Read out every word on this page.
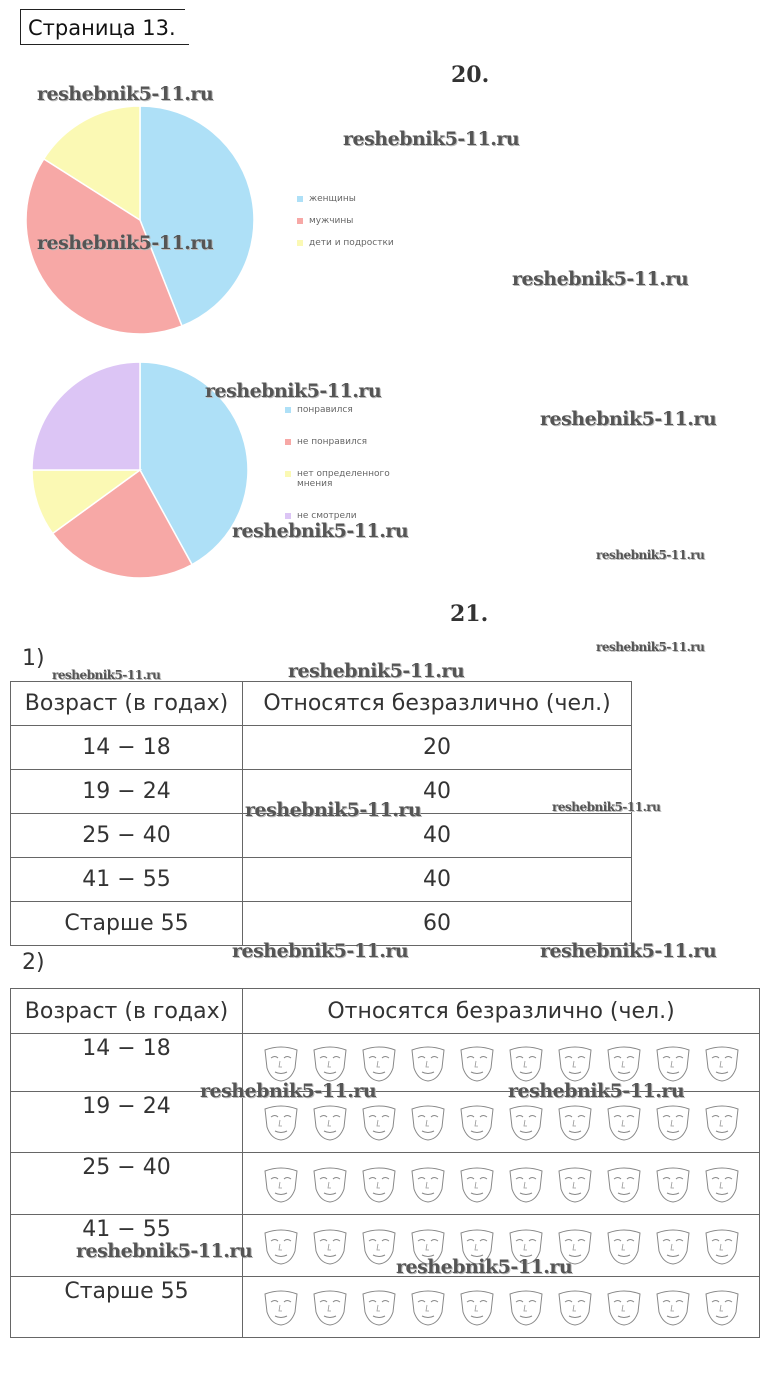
Страница 13.
20.
21.
женщины
мужчины
дети и подростки
понравился
не понравился
нет определенного мнения
не смотрели
1)
Возраст (в годах)	Относятся безразлично (чел.)
14 − 18	20
19 − 24	40
25 − 40	40
41 − 55	40
Старше 55	60
2)
Возраст (в годах)	Относятся безразлично (чел.)
14 − 18	

19 − 24	

25 − 40	

41 − 55	

Старше 55	
reshebnik5-11.ru
reshebnik5-11.ru
reshebnik5-11.ru
reshebnik5-11.ru
reshebnik5-11.ru
reshebnik5-11.ru
reshebnik5-11.ru
reshebnik5-11.ru
reshebnik5-11.ru
reshebnik5-11.ru	reshebnik5-11.ru
reshebnik5-11.ru	reshebnik5-11.ru
reshebnik5-11.ru	reshebnik5-11.ru
reshebnik5-11.ru	reshebnik5-11.ru
reshebnik5-11.ru
reshebnik5-11.ru
